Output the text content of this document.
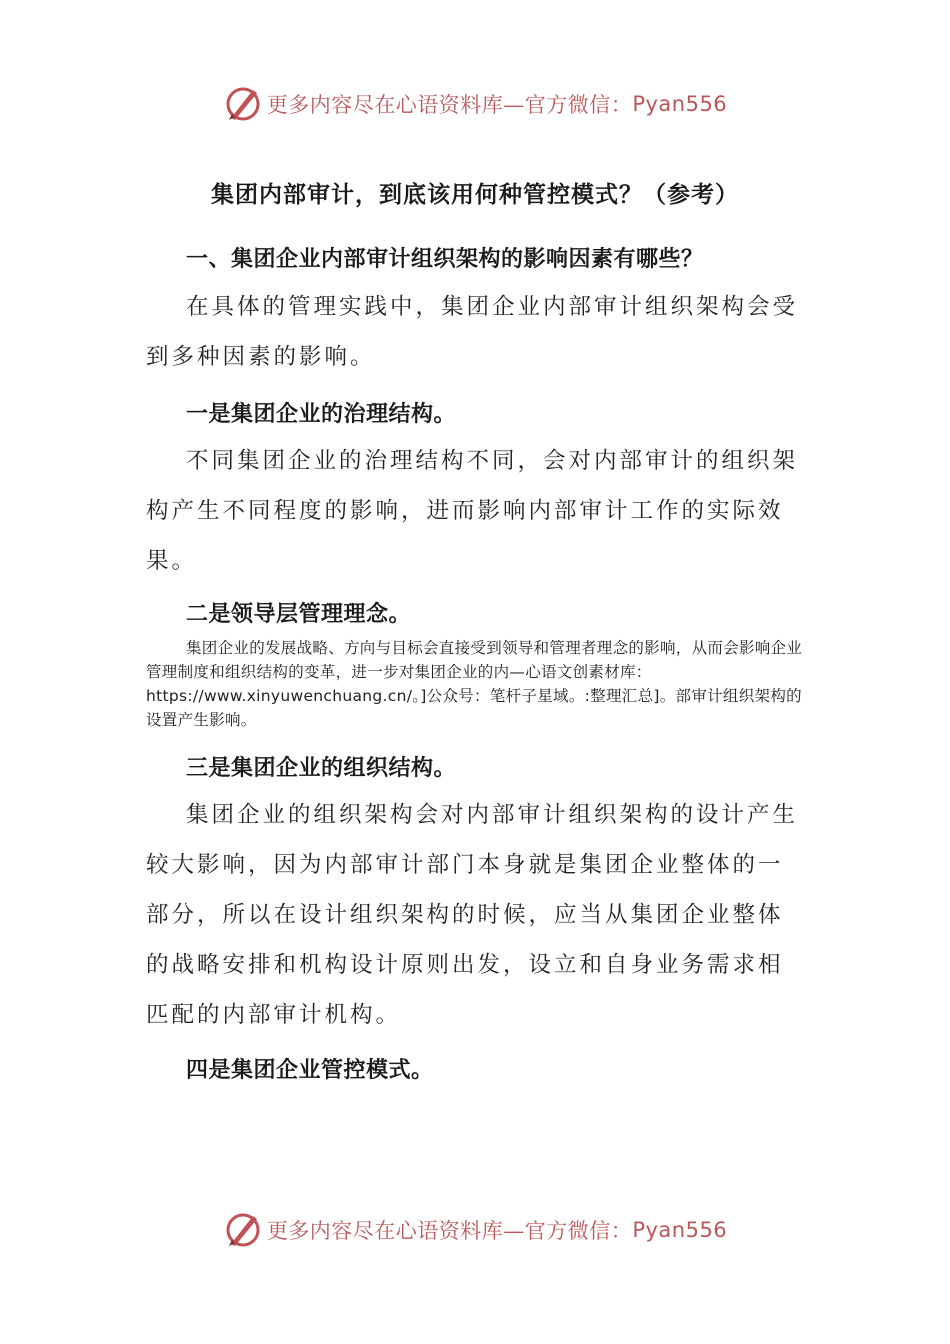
更多内容尽在心语资料库—官方微信： Pyan556
集团内部审计，到底该用何种管控模式？（参考）
一、集团企业内部审计组织架构的影响因素有哪些？

在具体的管理实践中，集团企业内部审计组织架构会受到多种因素的影响。

一是集团企业的治理结构。

不同集团企业的治理结构不同，会对内部审计的组织架构产生不同程度的影响，进而影响内部审计工作的实际效果。

二是领导层管理理念。

集团企业的发展战略、方向与目标会直接受到领导和管理者理念的影响，从而会影响企业管理制度和组织结构的变革，进一步对集团企业的内—心语文创素材库：https://www.xinyuwenchuang.cn/。]公众号：笔杆子星域。:整理汇总]。部审计组织架构的设置产生影响。

三是集团企业的组织结构。

集团企业的组织架构会对内部审计组织架构的设计产生较大影响，因为内部审计部门本身就是集团企业整体的一部分，所以在设计组织架构的时候，应当从集团企业整体的战略安排和机构设计原则出发，设立和自身业务需求相匹配的内部审计机构。

四是集团企业管控模式。
更多内容尽在心语资料库—官方微信： Pyan556
